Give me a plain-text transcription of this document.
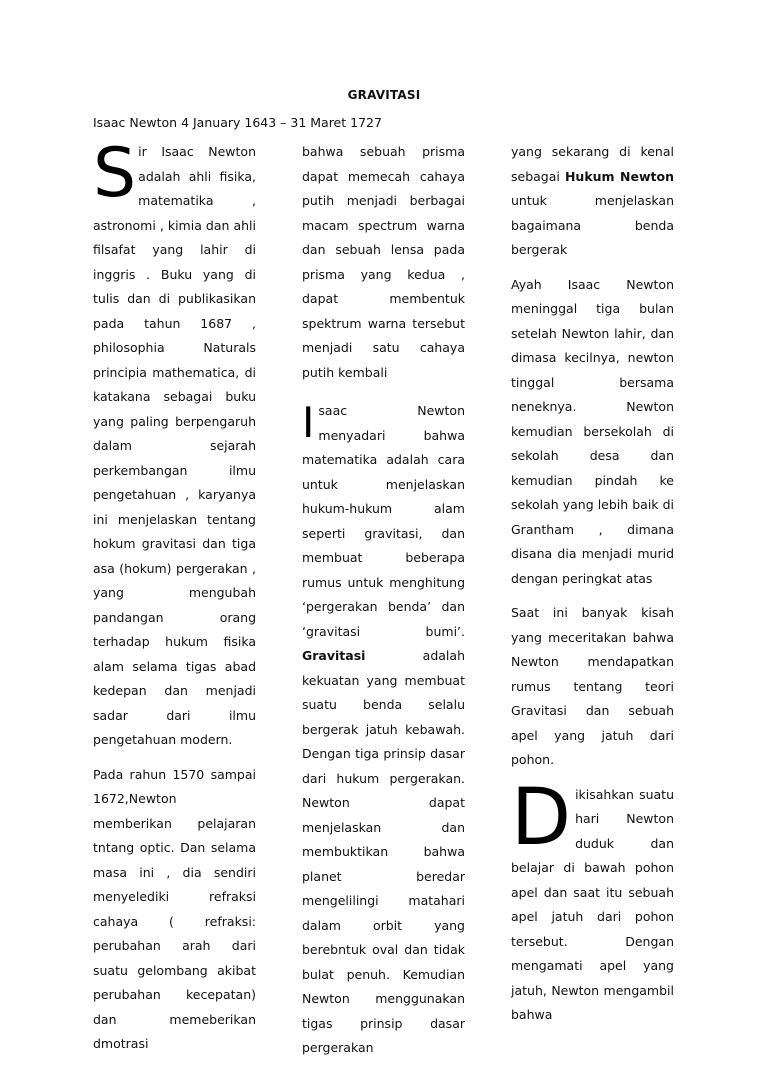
GRAVITASI
Isaac Newton 4 January 1643 – 31 Maret 1727

Sir Isaac Newton adalah ahli fisika, matematika , astronomi , kimia dan ahli filsafat yang lahir di inggris . Buku yang di tulis dan di publikasikan pada tahun 1687 , philosophia Naturals principia mathematica, di katakana sebagai buku yang paling berpengaruh dalam sejarah perkembangan ilmu pengetahuan , karyanya ini menjelaskan tentang hokum gravitasi dan tiga asa (hokum) pergerakan , yang mengubah pandangan orang terhadap hukum fisika alam selama tigas abad kedepan dan menjadi sadar dari ilmu pengetahuan modern.

Pada rahun 1570 sampai 1672,Newton memberikan pelajaran tntang optic. Dan selama masa ini , dia sendiri menyelediki refraksi cahaya ( refraksi: perubahan arah dari suatu gelombang akibat perubahan kecepatan) dan memeberikan dmotrasi

bahwa sebuah prisma dapat memecah cahaya putih menjadi berbagai macam spectrum warna dan sebuah lensa pada prisma yang kedua , dapat membentuk spektrum warna tersebut menjadi satu cahaya putih kembali

Isaac Newton menyadari bahwa matematika adalah cara untuk menjelaskan hukum-hukum alam seperti gravitasi, dan membuat beberapa rumus untuk menghitung ‘pergerakan benda’ dan ‘gravitasi bumi’. Gravitasi adalah kekuatan yang membuat suatu benda selalu bergerak jatuh kebawah. Dengan tiga prinsip dasar dari hukum pergerakan. Newton dapat menjelaskan dan membuktikan bahwa planet beredar mengelilingi matahari dalam orbit yang berebntuk oval dan tidak bulat penuh. Kemudian Newton menggunakan tigas prinsip dasar pergerakan

yang sekarang di kenal sebagai Hukum Newton untuk menjelaskan bagaimana benda bergerak

Ayah Isaac Newton meninggal tiga bulan setelah Newton lahir, dan dimasa kecilnya, newton tinggal bersama neneknya. Newton kemudian bersekolah di sekolah desa dan kemudian pindah ke sekolah yang lebih baik di Grantham , dimana disana dia menjadi murid dengan peringkat atas

Saat ini banyak kisah yang meceritakan bahwa Newton mendapatkan rumus tentang teori Gravitasi dan sebuah apel yang jatuh dari pohon.

Dikisahkan suatu hari Newton duduk dan belajar di bawah pohon apel dan saat itu sebuah apel jatuh dari pohon tersebut. Dengan mengamati apel yang jatuh, Newton mengambil bahwa
